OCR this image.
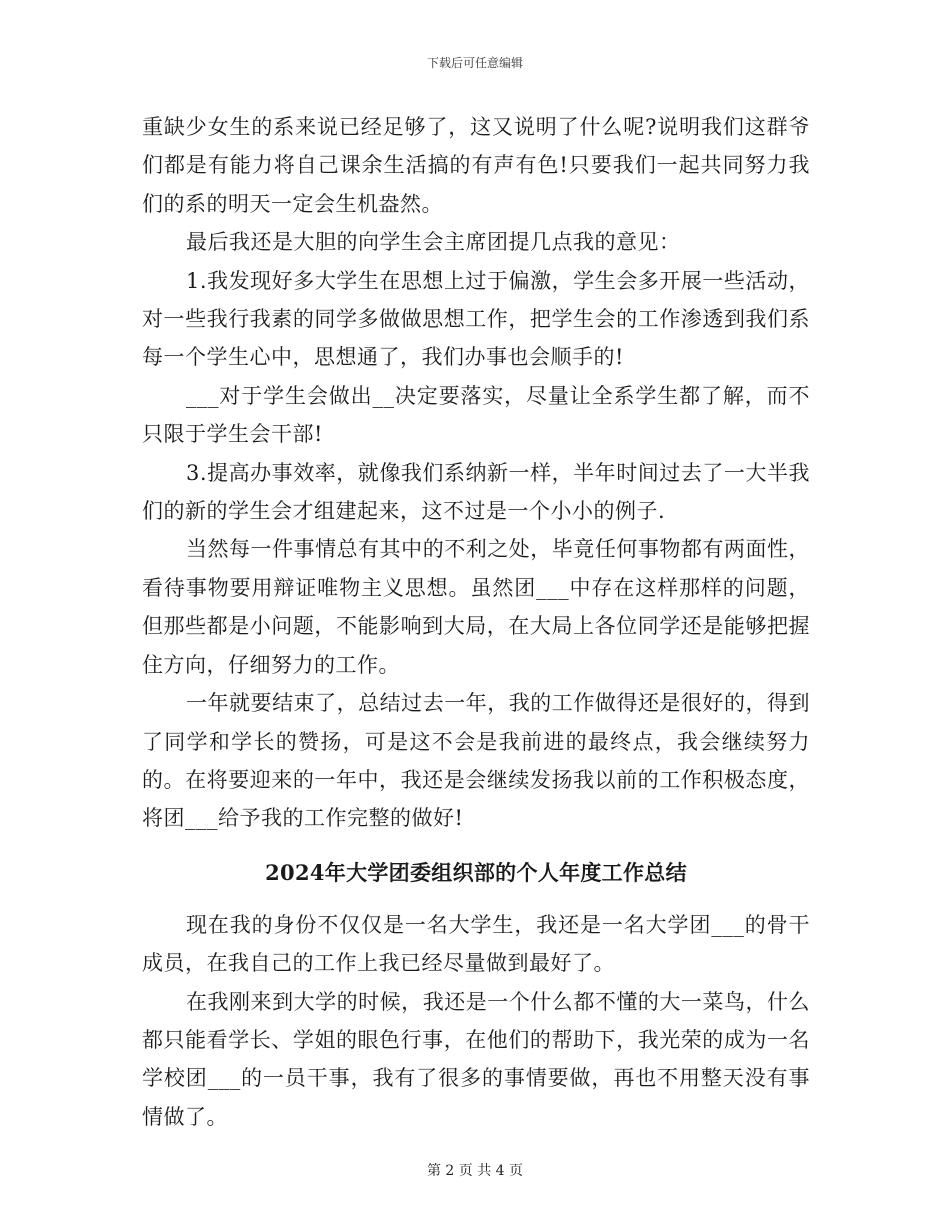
下载后可任意编辑

重缺少女生的系来说已经足够了，这又说明了什么呢?说明我们这群爷们都是有能力将自己课余生活搞的有声有色!只要我们一起共同努力我们的系的明天一定会生机盎然。

最后我还是大胆的向学生会主席团提几点我的意见：

1.我发现好多大学生在思想上过于偏激，学生会多开展一些活动，对一些我行我素的同学多做做思想工作，把学生会的工作渗透到我们系每一个学生心中，思想通了，我们办事也会顺手的!

___对于学生会做出__决定要落实，尽量让全系学生都了解，而不只限于学生会干部!

3.提高办事效率，就像我们系纳新一样，半年时间过去了一大半我们的新的学生会才组建起来，这不过是一个小小的例子.

当然每一件事情总有其中的不利之处，毕竟任何事物都有两面性，看待事物要用辩证唯物主义思想。虽然团___中存在这样那样的问题，但那些都是小问题，不能影响到大局，在大局上各位同学还是能够把握住方向，仔细努力的工作。

一年就要结束了，总结过去一年，我的工作做得还是很好的，得到了同学和学长的赞扬，可是这不会是我前进的最终点，我会继续努力的。在将要迎来的一年中，我还是会继续发扬我以前的工作积极态度，将团___给予我的工作完整的做好!

2024年大学团委组织部的个人年度工作总结

现在我的身份不仅仅是一名大学生，我还是一名大学团___的骨干成员，在我自己的工作上我已经尽量做到最好了。

在我刚来到大学的时候，我还是一个什么都不懂的大一菜鸟，什么都只能看学长、学姐的眼色行事，在他们的帮助下，我光荣的成为一名学校团___的一员干事，我有了很多的事情要做，再也不用整天没有事情做了。

第 2 页 共 4 页
